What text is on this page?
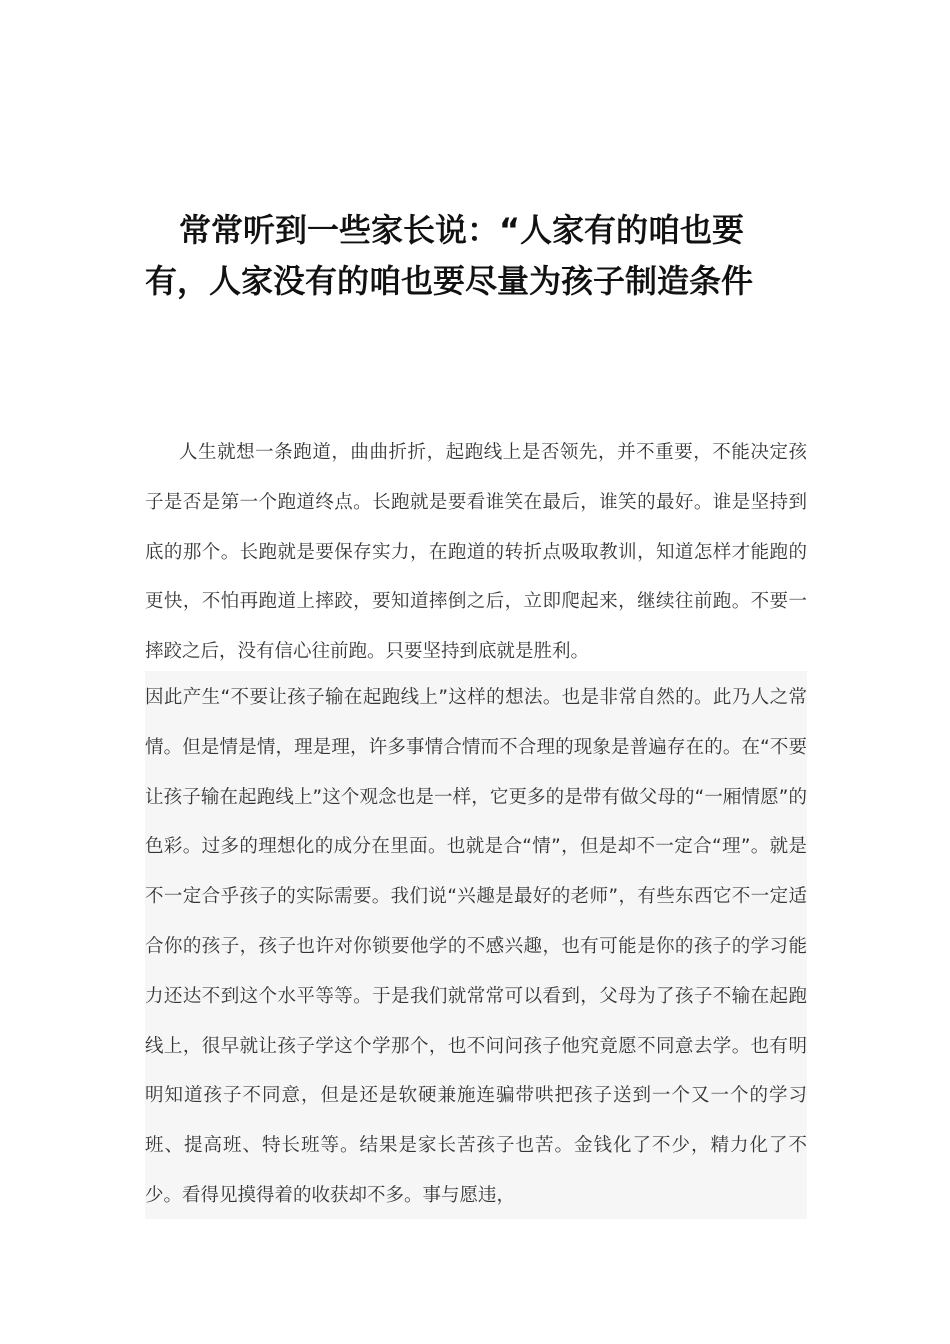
常常听到一些家长说：“人家有的咱也要有，人家没有的咱也要尽量为孩子制造条件

人生就想一条跑道，曲曲折折，起跑线上是否领先，并不重要，不能决定孩子是否是第一个跑道终点。长跑就是要看谁笑在最后，谁笑的最好。谁是坚持到底的那个。长跑就是要保存实力，在跑道的转折点吸取教训，知道怎样才能跑的更快，不怕再跑道上摔跤，要知道摔倒之后，立即爬起来，继续往前跑。不要一摔跤之后，没有信心往前跑。只要坚持到底就是胜利。

因此产生“不要让孩子输在起跑线上”这样的想法。也是非常自然的。此乃人之常情。但是情是情，理是理，许多事情合情而不合理的现象是普遍存在的。在“不要让孩子输在起跑线上”这个观念也是一样，它更多的是带有做父母的“一厢情愿”的色彩。过多的理想化的成分在里面。也就是合“情”，但是却不一定合“理”。就是不一定合乎孩子的实际需要。我们说“兴趣是最好的老师”，有些东西它不一定适合你的孩子，孩子也许对你锁要他学的不感兴趣，也有可能是你的孩子的学习能力还达不到这个水平等等。于是我们就常常可以看到，父母为了孩子不输在起跑线上，很早就让孩子学这个学那个，也不问问孩子他究竟愿不同意去学。也有明明知道孩子不同意，但是还是软硬兼施连骗带哄把孩子送到一个又一个的学习班、提高班、特长班等。结果是家长苦孩子也苦。金钱化了不少，精力化了不少。看得见摸得着的收获却不多。事与愿违，
